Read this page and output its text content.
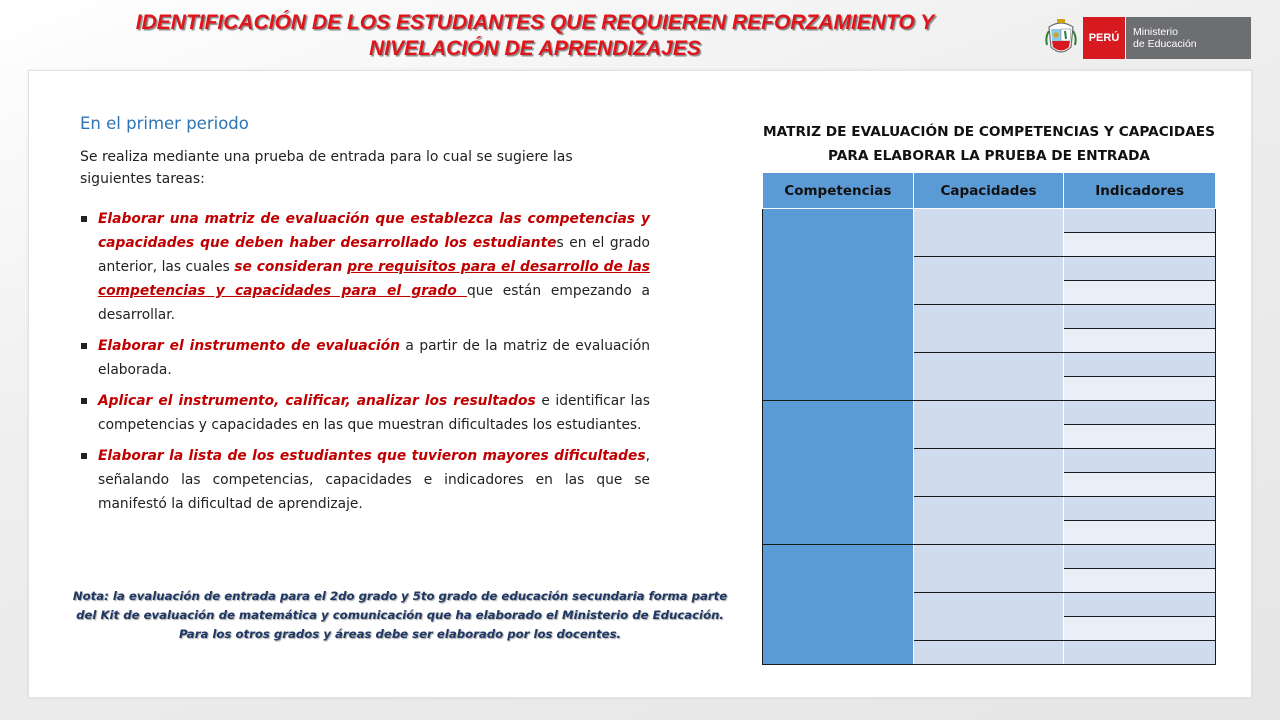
IDENTIFICACIÓN DE LOS ESTUDIANTES QUE REQUIEREN REFORZAMIENTO Y
NIVELACIÓN DE APRENDIZAJES	PERÚ	Ministerio
de Educación
En el primer periodo
Se realiza mediante una prueba de entrada para lo cual se sugiere las siguientes tareas:
Elaborar una matriz de evaluación que establezca las competencias y capacidades que deben haber desarrollado los estudiantes en el grado anterior, las cuales se consideran pre requisitos para el desarrollo de las competencias y capacidades para el grado que están empezando a desarrollar.
Elaborar el instrumento de evaluación a partir de la matriz de evaluación elaborada.
Aplicar el instrumento, calificar, analizar los resultados e identificar las competencias y capacidades en las que muestran dificultades los estudiantes.
Elaborar la lista de los estudiantes que tuvieron mayores dificultades, señalando las competencias, capacidades e indicadores en las que se manifestó la dificultad de aprendizaje.
Nota: la evaluación de entrada para el 2do grado y 5to grado de educación secundaria forma parte del Kit de evaluación de matemática y comunicación que ha elaborado el Ministerio de Educación. Para los otros grados y áreas debe ser elaborado por los docentes.
MATRIZ DE EVALUACIÓN DE COMPETENCIAS Y CAPACIDAES PARA ELABORAR LA PRUEBA DE ENTRADA
Competencias	Capacidades	Indicadores
